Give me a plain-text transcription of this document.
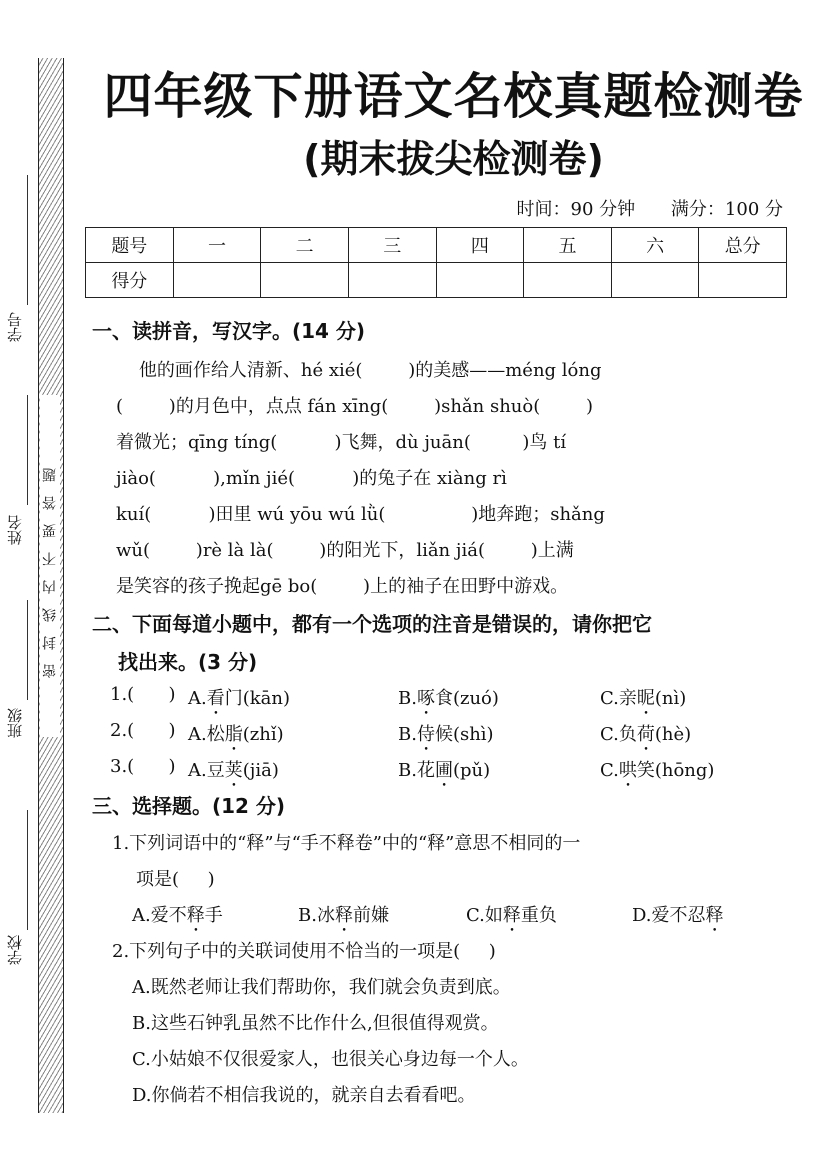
密封线内不要答题
学号
姓名
班级
学校
四年级下册语文名校真题检测卷
(期末拔尖检测卷)
时间：90 分钟 满分：100 分
题号	一	二	三	四	五	六	总分
得分							
一、读拼音，写汉字。(14 分)
他的画作给人清新、hé xié(        )的美感——méng lóng
(        )的月色中，点点 fán xīng(        )shǎn shuò(        )
着微光；qīng tíng(          )飞舞，dù juān(         )鸟 tí
jiào(          ),mǐn jié(          )的兔子在 xiàng rì
kuí(          )田里 wú yōu wú lǜ(               )地奔跑；shǎng
wǔ(        )rè là là(        )的阳光下，liǎn jiá(        )上满
是笑容的孩子挽起gē bo(        )上的袖子在田野中游戏。
二、下面每道小题中，都有一个选项的注音是错误的，请你把它
找出来。(3 分)
1.(      ) A.看门(kān)	B.啄食(zuó)	C.亲昵(nì)
2.(      ) A.松脂(zhǐ)	B.侍候(shì)	C.负荷(hè)
3.(      ) A.豆荚(jiā)	B.花圃(pǔ)	C.哄笑(hōng)
三、选择题。(12 分)
1.下列词语中的“释”与“手不释卷”中的“释”意思不相同的一
项是(     )
A.爱不释手	B.冰释前嫌	C.如释重负	D.爱不忍释
2.下列句子中的关联词使用不恰当的一项是(     )
A.既然老师让我们帮助你，我们就会负责到底。
B.这些石钟乳虽然不比作什么,但很值得观赏。
C.小姑娘不仅很爱家人，也很关心身边每一个人。
D.你倘若不相信我说的，就亲自去看看吧。
